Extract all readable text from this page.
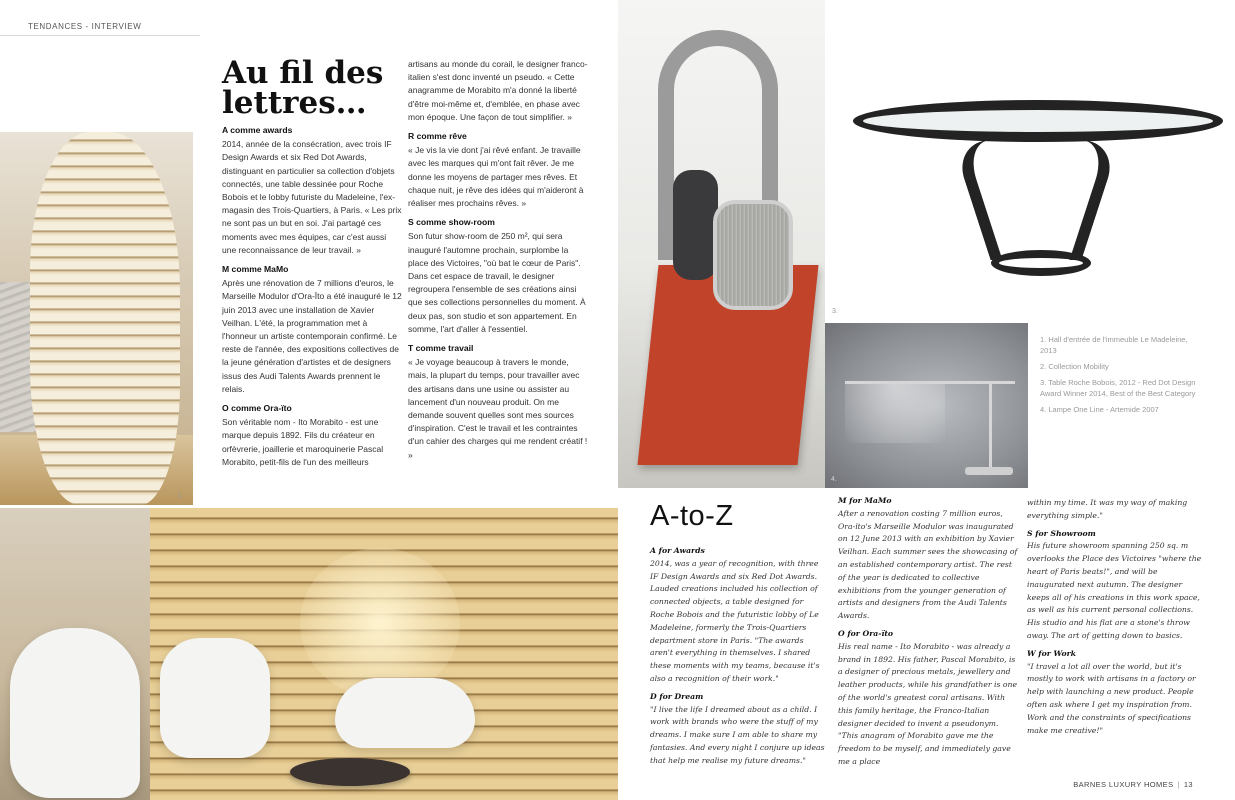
TENDANCES - INTERVIEW
1.
Au fil des lettres…
A comme awards

2014, année de la consécration, avec trois IF Design Awards et six Red Dot Awards, distinguant en particulier sa collection d'objets connectés, une table dessinée pour Roche Bobois et le lobby futuriste du Madeleine, l'ex-magasin des Trois-Quartiers, à Paris. « Les prix ne sont pas un but en soi. J'ai partagé ces moments avec mes équipes, car c'est aussi une reconnaissance de leur travail. »

M comme MaMo

Après une rénovation de 7 millions d'euros, le Marseille Modulor d'Ora-Ïto a été inauguré le 12 juin 2013 avec une installation de Xavier Veilhan. L'été, la programmation met à l'honneur un artiste contemporain confirmé. Le reste de l'année, des expositions collectives de la jeune génération d'artistes et de designers issus des Audi Talents Awards prennent le relais.

O comme Ora-ïto

Son véritable nom - Ito Morabito - est une marque depuis 1892. Fils du créateur en orfèvrerie, joaillerie et maroquinerie Pascal Morabito, petit-fils de l'un des meilleurs

artisans au monde du corail, le designer franco-italien s'est donc inventé un pseudo. « Cette anagramme de Morabito m'a donné la liberté d'être moi-même et, d'emblée, en phase avec mon époque. Une façon de tout simplifier. »

R comme rêve

« Je vis la vie dont j'ai rêvé enfant. Je travaille avec les marques qui m'ont fait rêver. Je me donne les moyens de partager mes rêves. Et chaque nuit, je rêve des idées qui m'aideront à réaliser mes prochains rêves. »

S comme show-room

Son futur show-room de 250 m², qui sera inauguré l'automne prochain, surplombe la place des Victoires, "où bat le cœur de Paris". Dans cet espace de travail, le designer regroupera l'ensemble de ses créations ainsi que ses collections personnelles du moment. À deux pas, son studio et son appartement. En somme, l'art d'aller à l'essentiel.

T comme travail

« Je voyage beaucoup à travers le monde, mais, la plupart du temps, pour travailler avec des artisans dans une usine ou assister au lancement d'un nouveau produit. On me demande souvent quelles sont mes sources d'inspiration. C'est le travail et les contraintes d'un cahier des charges qui me rendent créatif ! »

3.
4.
A-to-Z
A for Awards

2014, was a year of recognition, with three IF Design Awards and six Red Dot Awards. Lauded creations included his collection of connected objects, a table designed for Roche Bobois and the futuristic lobby of Le Madeleine, formerly the Trois-Quartiers department store in Paris. "The awards aren't everything in themselves. I shared these moments with my teams, because it's also a recognition of their work."

D for Dream

"I live the life I dreamed about as a child. I work with brands who were the stuff of my dreams. I make sure I am able to share my fantasies. And every night I conjure up ideas that help me realise my future dreams."

M for MaMo

After a renovation costing 7 million euros, Ora-ïto's Marseille Modulor was inaugurated on 12 June 2013 with an exhibition by Xavier Veilhan. Each summer sees the showcasing of an established contemporary artist. The rest of the year is dedicated to collective exhibitions from the younger generation of artists and designers from the Audi Talents Awards.

O for Ora-ïto

His real name - Ito Morabito - was already a brand in 1892. His father, Pascal Morabito, is a designer of precious metals, jewellery and leather products, while his grandfather is one of the world's greatest coral artisans. With this family heritage, the Franco-Italian designer decided to invent a pseudonym. "This anagram of Morabito gave me the freedom to be myself, and immediately gave me a place

within my time. It was my way of making everything simple."

S for Showroom

His future showroom spanning 250 sq. m overlooks the Place des Victoires "where the heart of Paris beats!", and will be inaugurated next autumn. The designer keeps all of his creations in this work space, as well as his current personal collections. His studio and his flat are a stone's throw away. The art of getting down to basics.

W for Work

"I travel a lot all over the world, but it's mostly to work with artisans in a factory or help with launching a new product. People often ask where I get my inspiration from. Work and the constraints of specifications make me creative!"

1. Hall d'entrée de l'immeuble Le Madeleine, 2013

2. Collection Mobility

3. Table Roche Bobois, 2012 - Red Dot Design Award Winner 2014, Best of the Best Category

4. Lampe One Line - Artemide 2007

BARNES LUXURY HOMES | 13
